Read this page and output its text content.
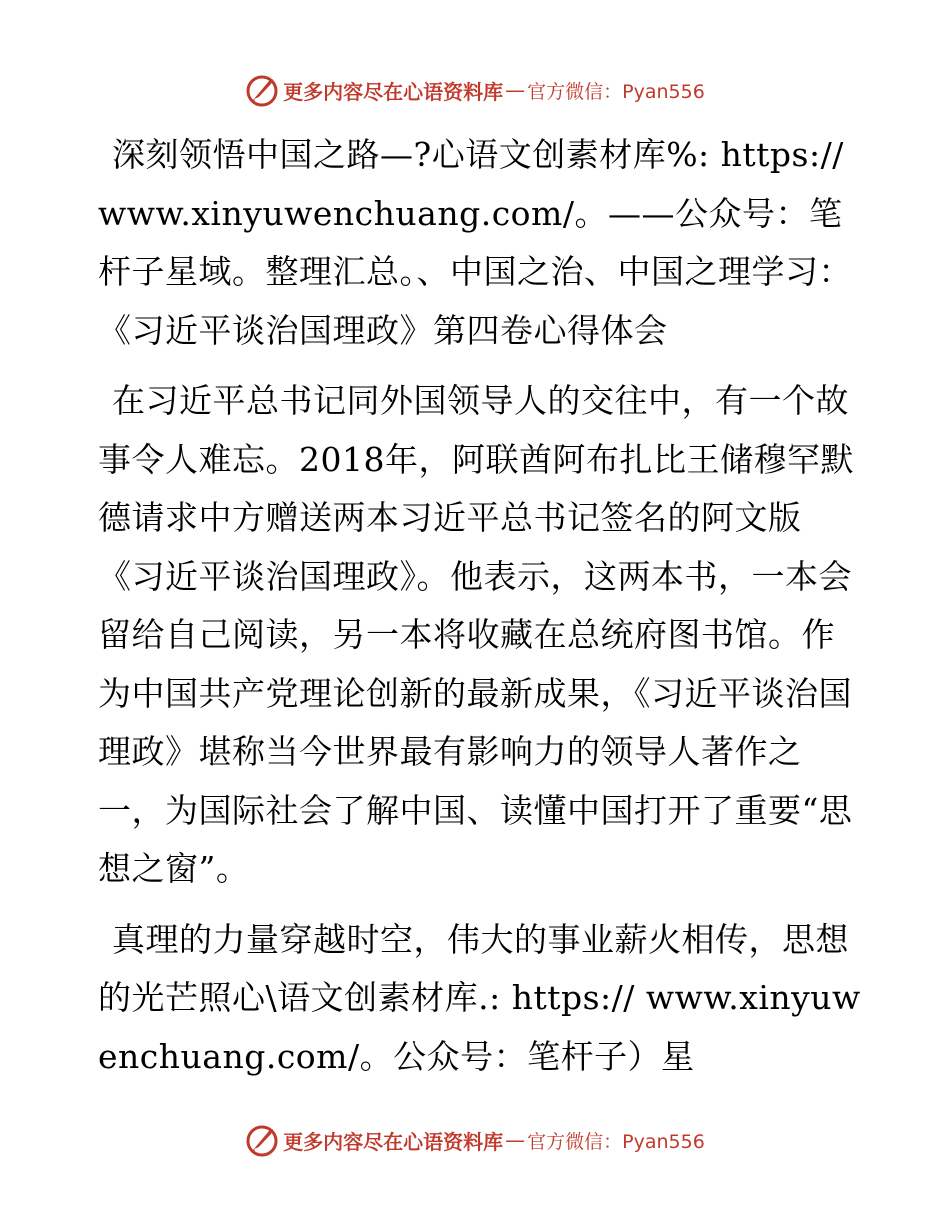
更多内容尽在心语资料库 — 官方微信：Pyan556

深刻领悟中国之路—?心语文创素材库%: https://www.xinyuwenchuang.com/。——公众号：笔杆子星域。整理汇总。、中国之治、中国之理学习：《习近平谈治国理政》第四卷心得体会

在习近平总书记同外国领导人的交往中，有一个故事令人难忘。2018年，阿联酋阿布扎比王储穆罕默德请求中方赠送两本习近平总书记签名的阿文版《习近平谈治国理政》。他表示，这两本书，一本会留给自己阅读，另一本将收藏在总统府图书馆。作为中国共产党理论创新的最新成果，《习近平谈治国理政》堪称当今世界最有影响力的领导人著作之一，为国际社会了解中国、读懂中国打开了重要“思想之窗”。

真理的力量穿越时空，伟大的事业薪火相传，思想的光芒照心\语文创素材库.: https:// www.xinyuwenchuang.com/。公众号：笔杆子）星

更多内容尽在心语资料库 — 官方微信：Pyan556
